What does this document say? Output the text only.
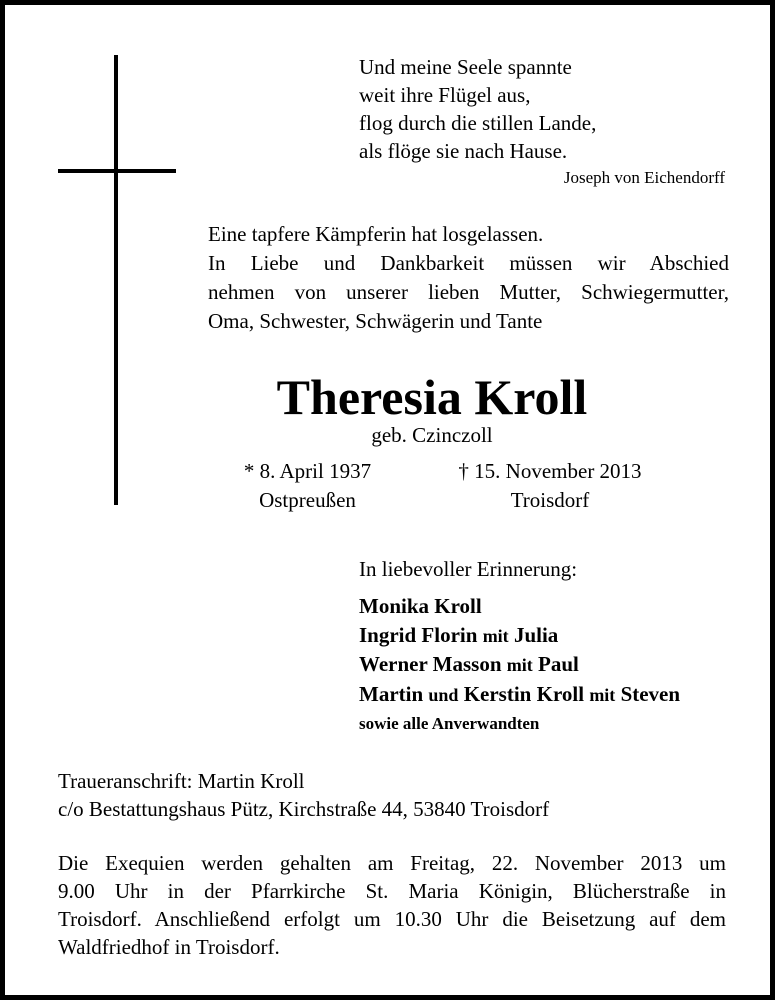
Und meine Seele spannte
weit ihre Flügel aus,
flog durch die stillen Lande,
als flöge sie nach Hause.
Joseph von Eichendorff
Eine tapfere Kämpferin hat losgelassen.
In Liebe und Dankbarkeit müssen wir Abschied
nehmen von unserer lieben Mutter, Schwiegermutter,
Oma, Schwester, Schwägerin und Tante
Theresia Kroll
geb. Czinczoll
* 8. April 1937
Ostpreußen
† 15. November 2013
Troisdorf
In liebevoller Erinnerung:
Monika Kroll
Ingrid Florin mit Julia
Werner Masson mit Paul
Martin und Kerstin Kroll mit Steven
sowie alle Anverwandten
Traueranschrift: Martin Kroll
c/o Bestattungshaus Pütz, Kirchstraße 44, 53840 Troisdorf
Die Exequien werden gehalten am Freitag, 22. November 2013 um
9.00 Uhr in der Pfarrkirche St. Maria Königin, Blücherstraße in
Troisdorf. Anschließend erfolgt um 10.30 Uhr die Beisetzung auf dem
Waldfriedhof in Troisdorf.
